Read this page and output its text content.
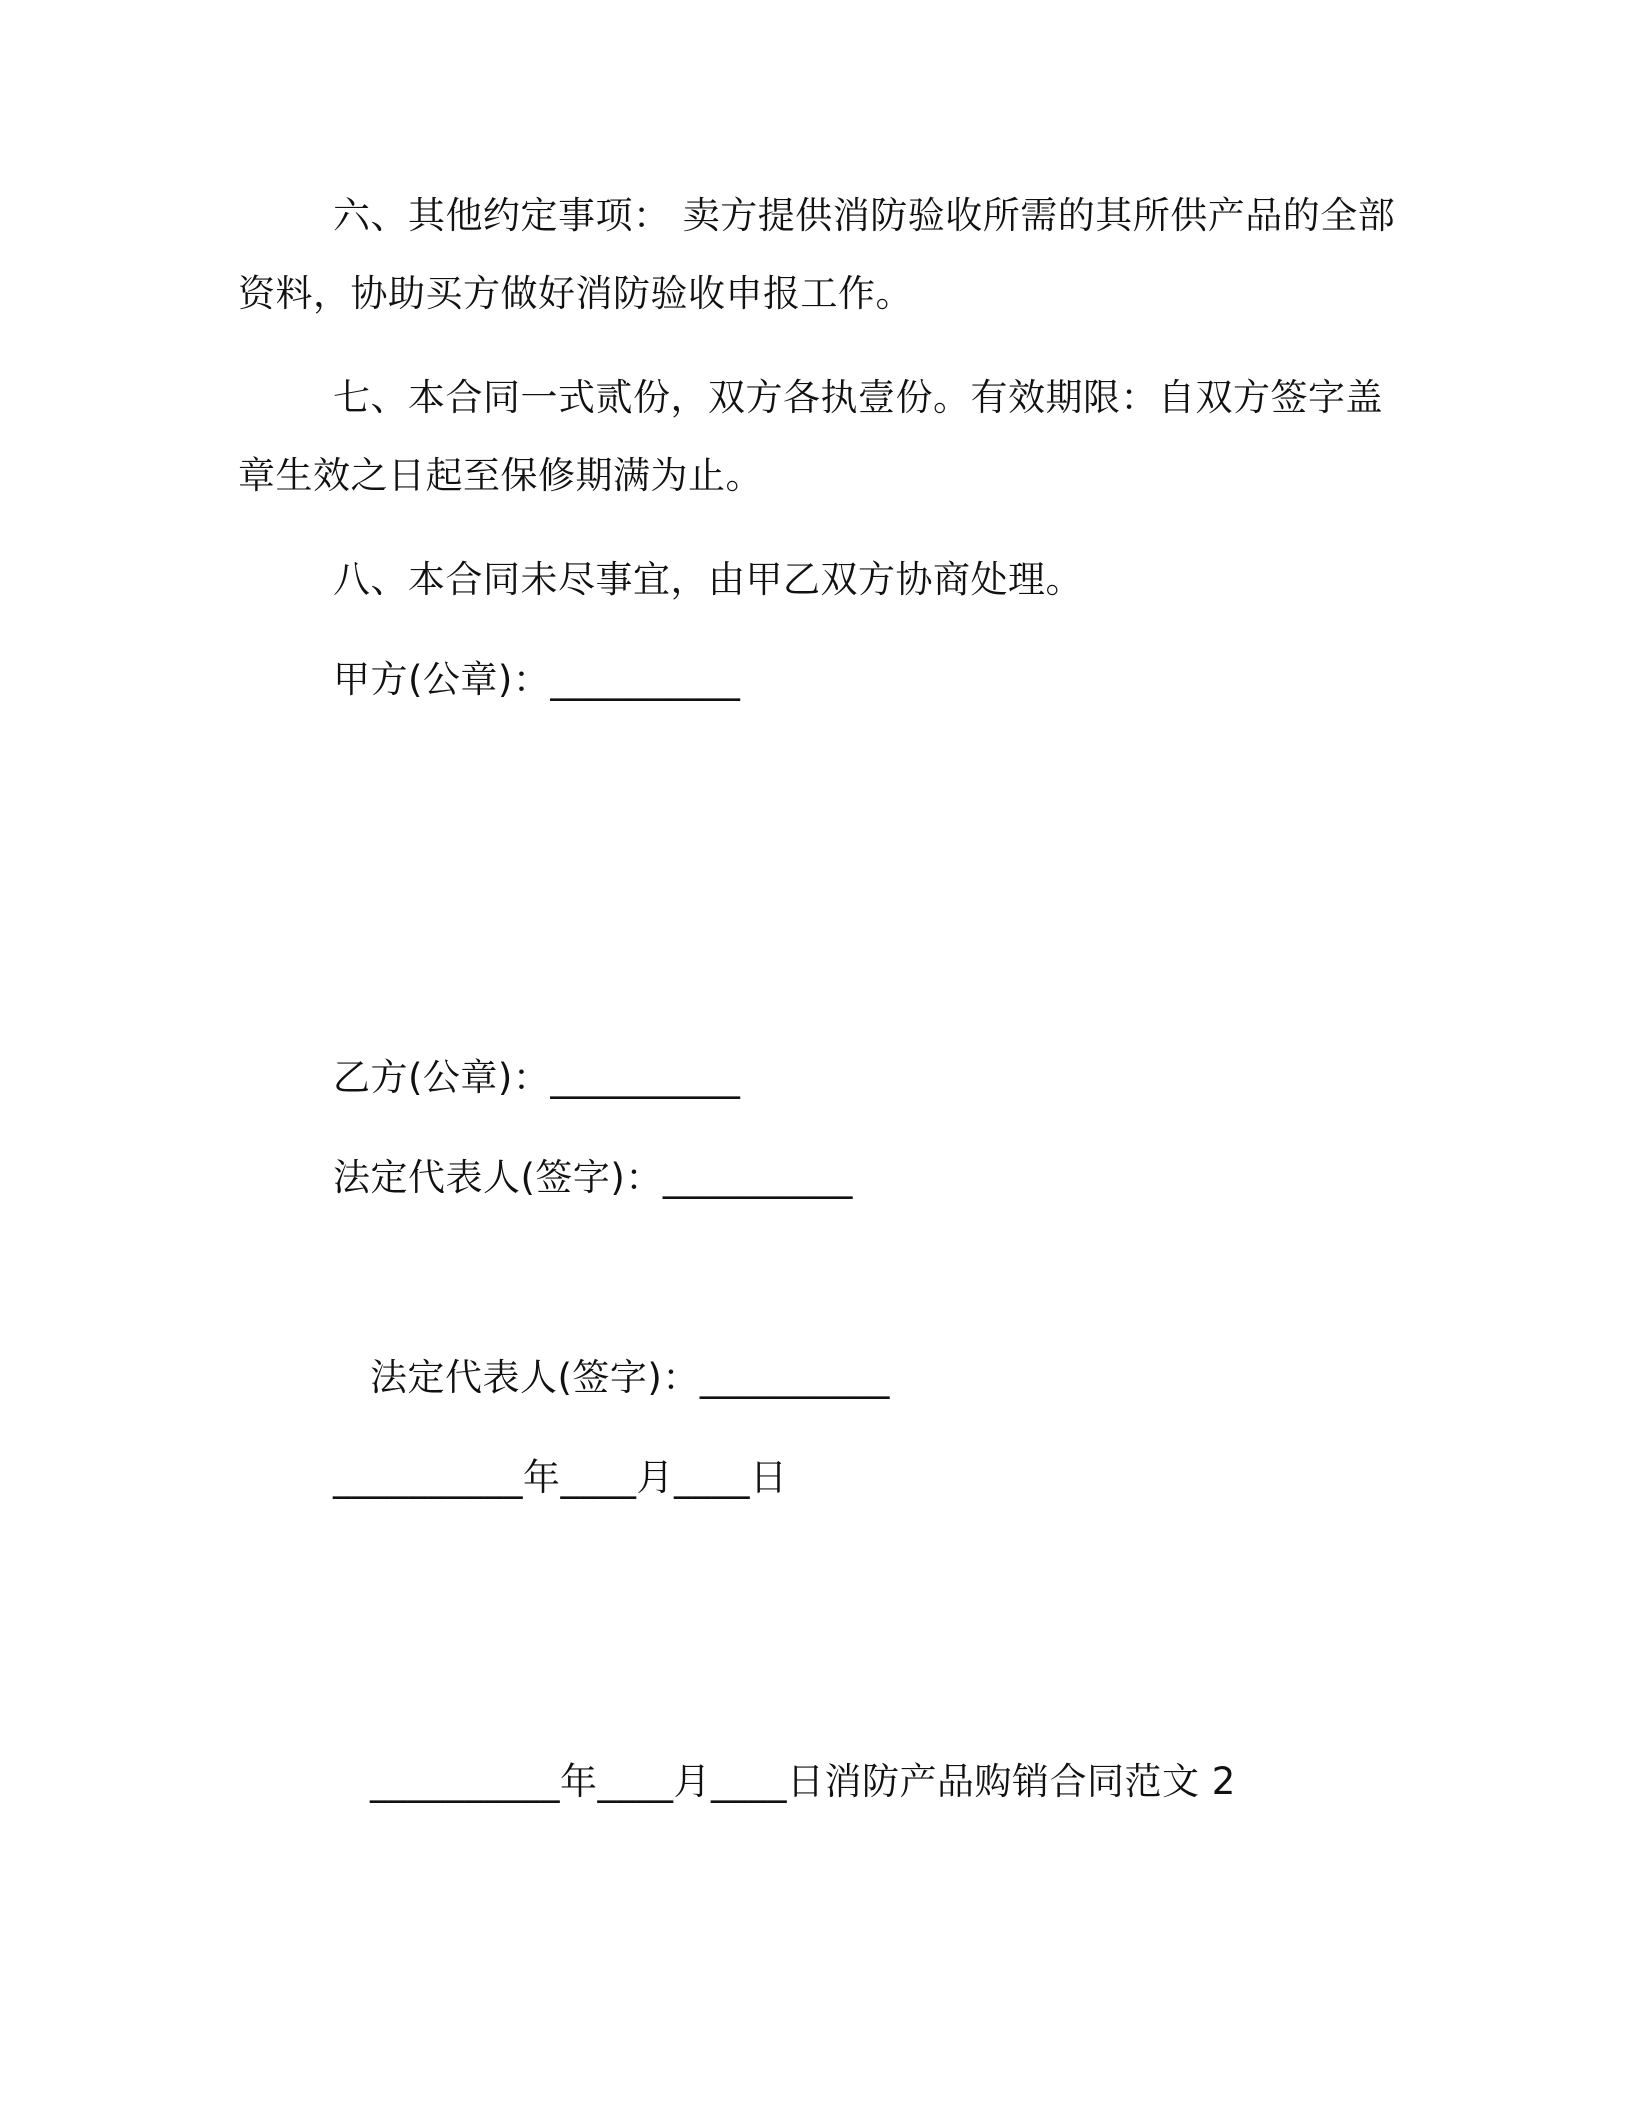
六、其他约定事项： 卖方提供消防验收所需的其所供产品的全部
资料，协助买方做好消防验收申报工作。
七、本合同一式贰份，双方各执壹份。有效期限：自双方签字盖
章生效之日起至保修期满为止。
八、本合同未尽事宜，由甲乙双方协商处理。
甲方(公章)：__________
乙方(公章)：__________
法定代表人(签字)：__________
法定代表人(签字)：__________
__________年____月____日
__________年____月____日消防产品购销合同范文 2
